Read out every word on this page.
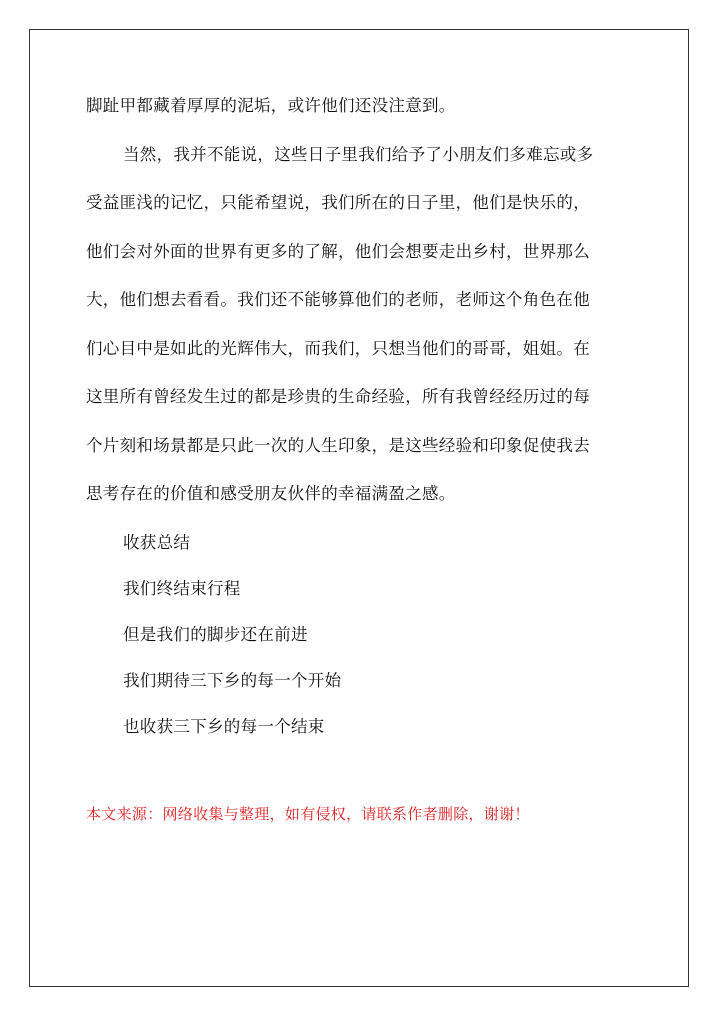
脚趾甲都藏着厚厚的泥垢，或许他们还没注意到。
当然，我并不能说，这些日子里我们给予了小朋友们多难忘或多
受益匪浅的记忆，只能希望说，我们所在的日子里，他们是快乐的，
他们会对外面的世界有更多的了解，他们会想要走出乡村，世界那么
大，他们想去看看。我们还不能够算他们的老师，老师这个角色在他
们心目中是如此的光辉伟大，而我们，只想当他们的哥哥，姐姐。在
这里所有曾经发生过的都是珍贵的生命经验，所有我曾经经历过的每
个片刻和场景都是只此一次的人生印象，是这些经验和印象促使我去
思考存在的价值和感受朋友伙伴的幸福满盈之感。
收获总结
我们终结束行程
但是我们的脚步还在前进
我们期待三下乡的每一个开始
也收获三下乡的每一个结束
本文来源：网络收集与整理，如有侵权，请联系作者删除，谢谢！
